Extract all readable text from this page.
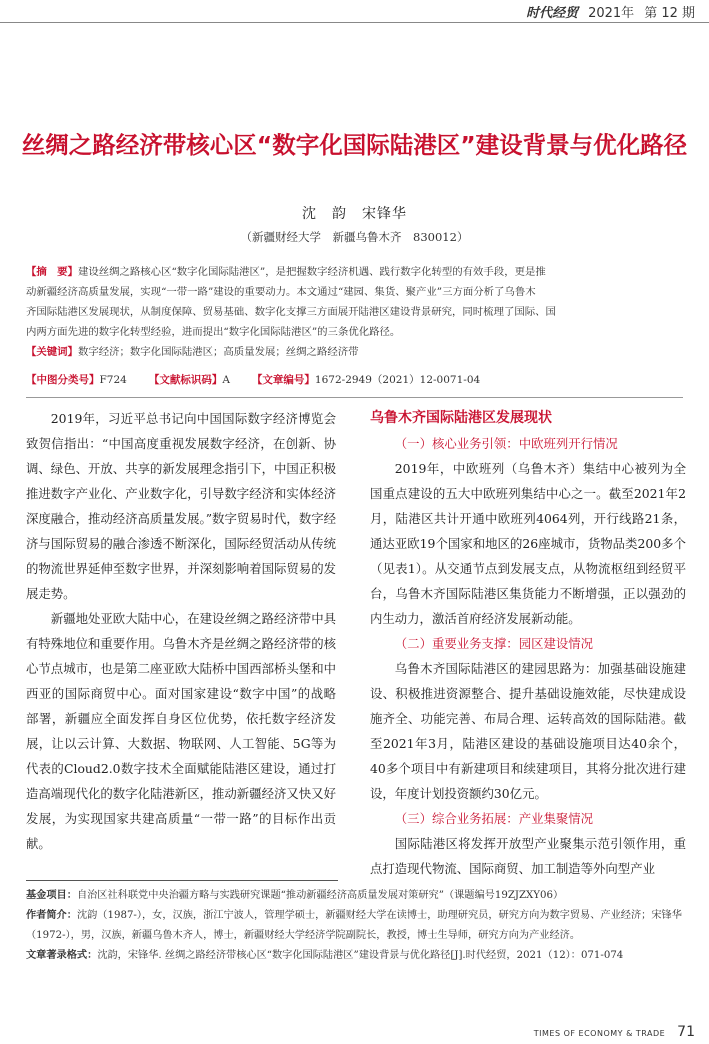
时代经贸 2021年 第 12 期
丝绸之路经济带核心区“数字化国际陆港区”建设背景与优化路径
沈　韵　宋锋华
（新疆财经大学　新疆乌鲁木齐　830012）

【摘　要】建设丝绸之路核心区“数字化国际陆港区”，是把握数字经济机遇、践行数字化转型的有效手段，更是推

动新疆经济高质量发展，实现“一带一路”建设的重要动力。本文通过“建园、集货、聚产业”三方面分析了乌鲁木

齐国际陆港区发展现状，从制度保障、贸易基础、数字化支撑三方面展开陆港区建设背景研究，同时梳理了国际、国

内两方面先进的数字化转型经验，进而提出“数字化国际陆港区”的三条优化路径。

【关键词】数字经济；数字化国际陆港区；高质量发展；丝绸之路经济带

【中图分类号】F724 【文献标识码】A 【文章编号】1672-2949（2021）12-0071-04

2019年，习近平总书记向中国国际数字经济博览会致贺信指出：“中国高度重视发展数字经济，在创新、协调、绿色、开放、共享的新发展理念指引下，中国正积极推进数字产业化、产业数字化，引导数字经济和实体经济深度融合，推动经济高质量发展。”数字贸易时代，数字经济与国际贸易的融合渗透不断深化，国际经贸活动从传统的物流世界延伸至数字世界，并深刻影响着国际贸易的发展走势。

新疆地处亚欧大陆中心，在建设丝绸之路经济带中具有特殊地位和重要作用。乌鲁木齐是丝绸之路经济带的核心节点城市，也是第二座亚欧大陆桥中国西部桥头堡和中西亚的国际商贸中心。面对国家建设“数字中国”的战略部署，新疆应全面发挥自身区位优势，依托数字经济发展，让以云计算、大数据、物联网、人工智能、5G等为代表的Cloud2.0数字技术全面赋能陆港区建设，通过打造高端现代化的数字化陆港新区，推动新疆经济又快又好发展，为实现国家共建高质量“一带一路”的目标作出贡献。

乌鲁木齐国际陆港区发展现状

（一）核心业务引领：中欧班列开行情况

2019年，中欧班列（乌鲁木齐）集结中心被列为全国重点建设的五大中欧班列集结中心之一。截至2021年2月，陆港区共计开通中欧班列4064列，开行线路21条，通达亚欧19个国家和地区的26座城市，货物品类200多个（见表1）。从交通节点到发展支点，从物流枢纽到经贸平台，乌鲁木齐国际陆港区集货能力不断增强，正以强劲的内生动力，激活首府经济发展新动能。

（二）重要业务支撑：园区建设情况

乌鲁木齐国际陆港区的建园思路为：加强基础设施建设、积极推进资源整合、提升基础设施效能，尽快建成设施齐全、功能完善、布局合理、运转高效的国际陆港。截至2021年3月，陆港区建设的基础设施项目达40余个，40多个项目中有新建项目和续建项目，其将分批次进行建设，年度计划投资额约30亿元。

（三）综合业务拓展：产业集聚情况

国际陆港区将发挥开放型产业聚集示范引领作用，重点打造现代物流、国际商贸、加工制造等外向型产业

基金项目：自治区社科联党中央治疆方略与实践研究课题“推动新疆经济高质量发展对策研究”（课题编号19ZJZXY06）

作者简介：沈韵（1987-），女，汉族，浙江宁波人，管理学硕士，新疆财经大学在读博士，助理研究员，研究方向为数字贸易、产业经济；宋锋华（1972-），男，汉族，新疆乌鲁木齐人，博士，新疆财经大学经济学院副院长，教授，博士生导师，研究方向为产业经济。

文章著录格式：沈韵，宋锋华. 丝绸之路经济带核心区“数字化国际陆港区”建设背景与优化路径[J].时代经贸，2021（12）：071-074

TIMES OF ECONOMY & TRADE 71
